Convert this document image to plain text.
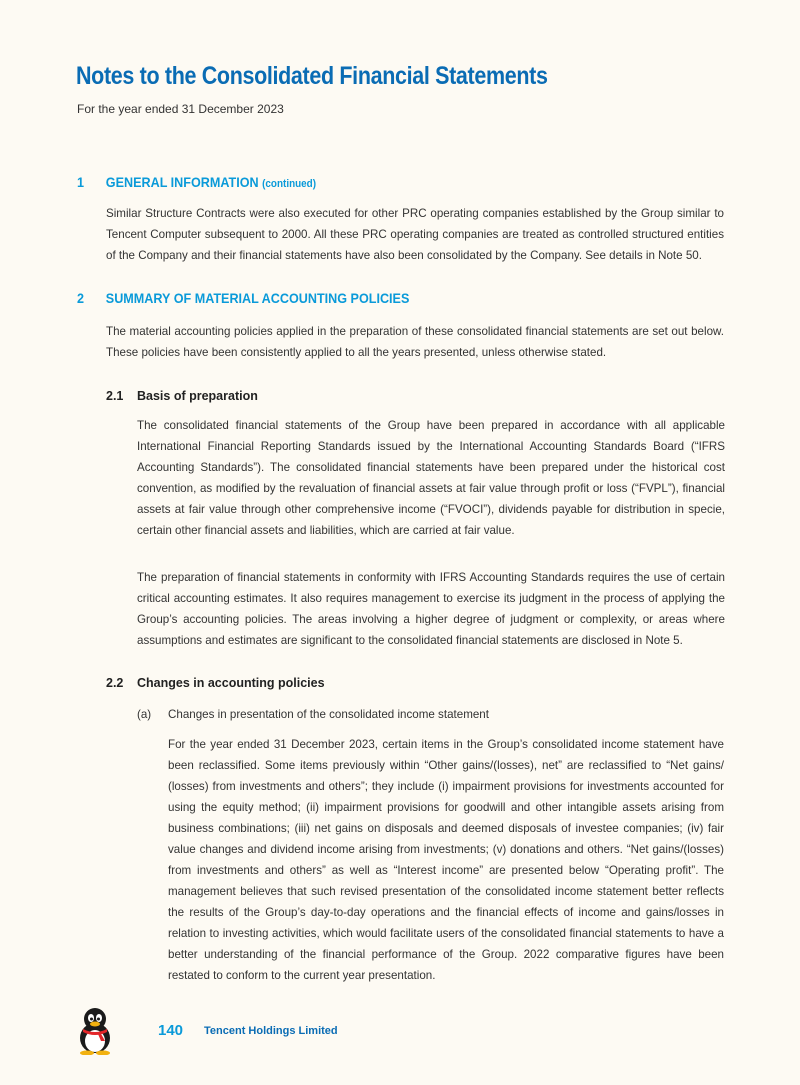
Notes to the Consolidated Financial Statements
For the year ended 31 December 2023
1 GENERAL INFORMATION (continued)

Similar Structure Contracts were also executed for other PRC operating companies established by the Group similar to Tencent Computer subsequent to 2000. All these PRC operating companies are treated as controlled structured entities of the Company and their financial statements have also been consolidated by the Company. See details in Note 50.

2 SUMMARY OF MATERIAL ACCOUNTING POLICIES

The material accounting policies applied in the preparation of these consolidated financial statements are set out below. These policies have been consistently applied to all the years presented, unless otherwise stated.

2.1 Basis of preparation

The consolidated financial statements of the Group have been prepared in accordance with all applicable International Financial Reporting Standards issued by the International Accounting Standards Board (“IFRS Accounting Standards”). The consolidated financial statements have been prepared under the historical cost convention, as modified by the revaluation of financial assets at fair value through profit or loss (“FVPL”), financial assets at fair value through other comprehensive income (“FVOCI”), dividends payable for distribution in specie, certain other financial assets and liabilities, which are carried at fair value.

The preparation of financial statements in conformity with IFRS Accounting Standards requires the use of certain critical accounting estimates. It also requires management to exercise its judgment in the process of applying the Group’s accounting policies. The areas involving a higher degree of judgment or complexity, or areas where assumptions and estimates are significant to the consolidated financial statements are disclosed in Note 5.

2.2 Changes in accounting policies
(a) Changes in presentation of the consolidated income statement

For the year ended 31 December 2023, certain items in the Group’s consolidated income statement have been reclassified. Some items previously within “Other gains/(losses), net” are reclassified to “Net gains/ (losses) from investments and others”; they include (i) impairment provisions for investments accounted for using the equity method; (ii) impairment provisions for goodwill and other intangible assets arising from business combinations; (iii) net gains on disposals and deemed disposals of investee companies; (iv) fair value changes and dividend income arising from investments; (v) donations and others. “Net gains/(losses) from investments and others” as well as “Interest income” are presented below “Operating profit”. The management believes that such revised presentation of the consolidated income statement better reflects the results of the Group’s day-to-day operations and the financial effects of income and gains/losses in relation to investing activities, which would facilitate users of the consolidated financial statements to have a better understanding of the financial performance of the Group. 2022 comparative figures have been restated to conform to the current year presentation.

140 Tencent Holdings Limited
